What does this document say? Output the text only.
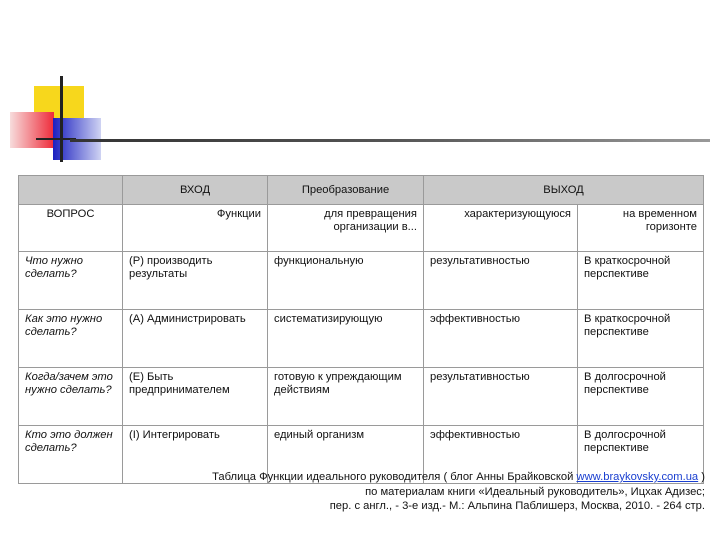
	ВХОД	Преобразование	ВЫХОД	
ВОПРОС	Функции	для превращения организации в...	характеризующуюся	на временном горизонте
Что нужно сделать?	(P) производить результаты	функциональную	результативностью	В краткосрочной перспективе
Как это нужно сделать?	(A) Администрировать	систематизирующую	эффективностью	В краткосрочной перспективе
Когда/зачем это нужно сделать?	(E) Быть предпринимателем	готовую к упреждающим действиям	результативностью	В долгосрочной перспективе
Кто это должен сделать?	(I) Интегрировать	единый организм	эффективностью	В долгосрочной перспективе
Таблица Функции идеального руководителя ( блог Анны Брайковской www.braykovsky.com.ua )
по материалам книги «Идеальный руководитель», Ицхак Адизес;
пер. с англ., - 3-е изд.- М.: Альпина Паблишерз, Москва, 2010. - 264 стр.
